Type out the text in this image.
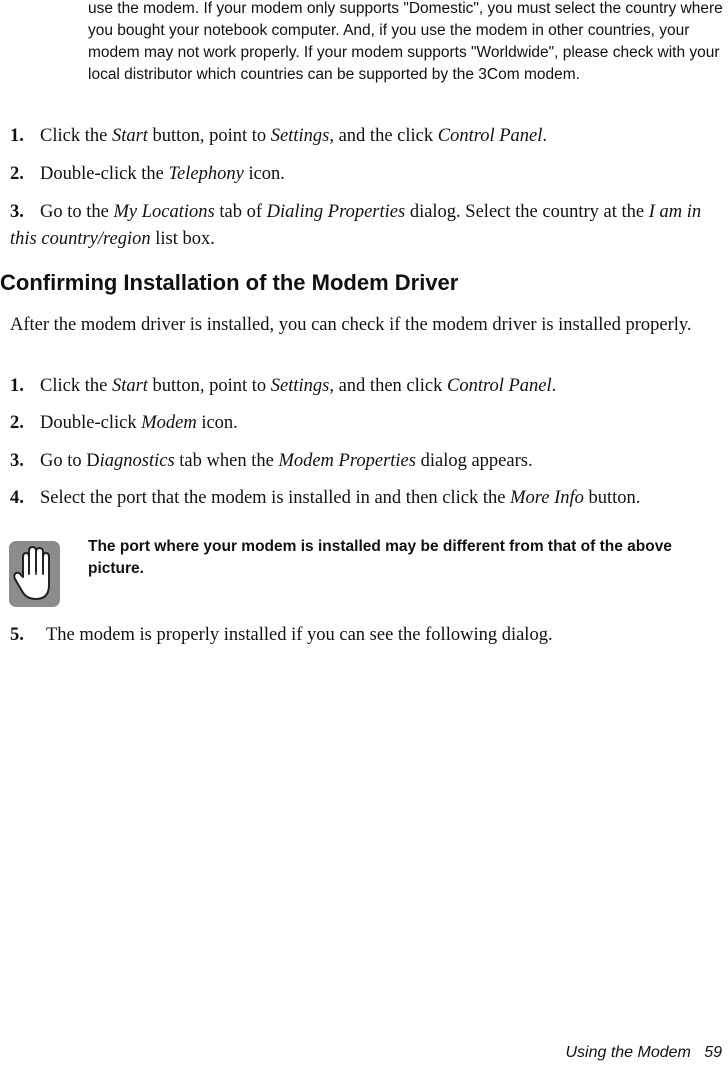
use the modem. If your modem only supports "Domestic", you must select the country where you bought your notebook computer. And, if you use the modem in other countries, your modem may not work properly. If your modem supports "Worldwide", please check with your local distributor which countries can be supported by the 3Com modem.
1. Click the Start button, point to Settings, and the click Control Panel.
2. Double-click the Telephony icon.
3. Go to the My Locations tab of Dialing Properties dialog. Select the country at the I am in this country/region list box.
Confirming Installation of the Modem Driver
After the modem driver is installed, you can check if the modem driver is installed properly.
1. Click the Start button, point to Settings, and then click Control Panel.
2. Double-click Modem icon.
3. Go to Diagnostics tab when the Modem Properties dialog appears.
4. Select the port that the modem is installed in and then click the More Info button.
The port where your modem is installed may be different from that of the above picture.
5. The modem is properly installed if you can see the following dialog.
Using the Modem 59
